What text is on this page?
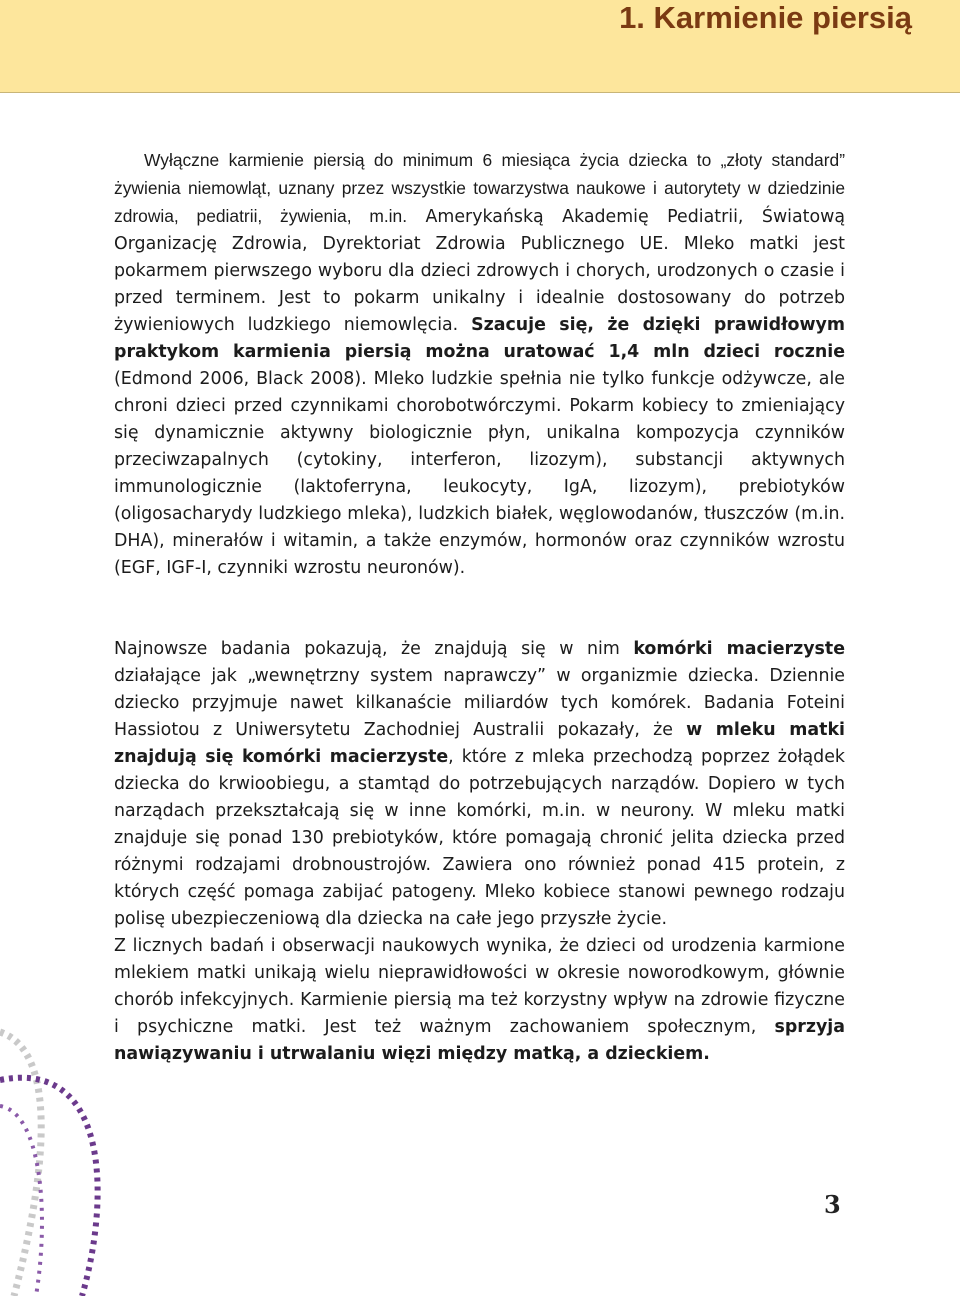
1. Karmienie piersią

Wyłączne karmienie piersią do minimum 6 miesiąca życia dziecka to „złoty standard” żywienia niemowląt, uznany przez wszystkie towarzystwa naukowe i autorytety w dziedzinie zdrowia, pediatrii, żywienia, m.in. Amerykańską Akademię Pediatrii, Światową Organizację Zdrowia, Dyrektoriat Zdrowia Publicznego UE. Mleko matki jest pokarmem pierwszego wyboru dla dzieci zdrowych i chorych, urodzonych o czasie i przed terminem. Jest to pokarm unikalny i idealnie dostosowany do potrzeb żywieniowych ludzkiego niemowlęcia. Szacuje się, że dzięki prawidłowym praktykom karmienia piersią można uratować 1,4 mln dzieci rocznie (Edmond 2006, Black 2008). Mleko ludzkie spełnia nie tylko funkcje odżywcze, ale chroni dzieci przed czynnikami chorobotwórczymi. Pokarm kobiecy to zmieniający się dynamicznie aktywny biologicznie płyn, unikalna kompozycja czynników przeciwzapalnych (cytokiny, interferon, lizozym), substancji aktywnych immunologicznie (laktoferryna, leukocyty, IgA, lizozym), prebiotyków (oligosacharydy ludzkiego mleka), ludzkich białek, węglowodanów, tłuszczów (m.in. DHA), minerałów i witamin, a także enzymów, hormonów oraz czynników wzrostu (EGF, IGF-I, czynniki wzrostu neuronów).

Najnowsze badania pokazują, że znajdują się w nim komórki macierzyste działające jak „wewnętrzny system naprawczy” w organizmie dziecka. Dziennie dziecko przyjmuje nawet kilkanaście miliardów tych komórek. Badania Foteini Hassiotou z Uniwersytetu Zachodniej Australii pokazały, że w mleku matki znajdują się komórki macierzyste, które z mleka przechodzą poprzez żołądek dziecka do krwioobiegu, a stamtąd do potrzebujących narządów. Dopiero w tych narządach przekształcają się w inne komórki, m.in. w neurony. W mleku matki znajduje się ponad 130 prebiotyków, które pomagają chronić jelita dziecka przed różnymi rodzajami drobnoustrojów. Zawiera ono również ponad 415 protein, z których część pomaga zabijać patogeny. Mleko kobiece stanowi pewnego rodzaju polisę ubezpieczeniową dla dziecka na całe jego przyszłe życie.

Z licznych badań i obserwacji naukowych wynika, że dzieci od urodzenia karmione mlekiem matki unikają wielu nieprawidłowości w okresie noworodkowym, głównie chorób infekcyjnych. Karmienie piersią ma też korzystny wpływ na zdrowie fizyczne i psychiczne matki. Jest też ważnym zachowaniem społecznym, sprzyja nawiązywaniu i utrwalaniu więzi między matką, a dzieckiem.

3
